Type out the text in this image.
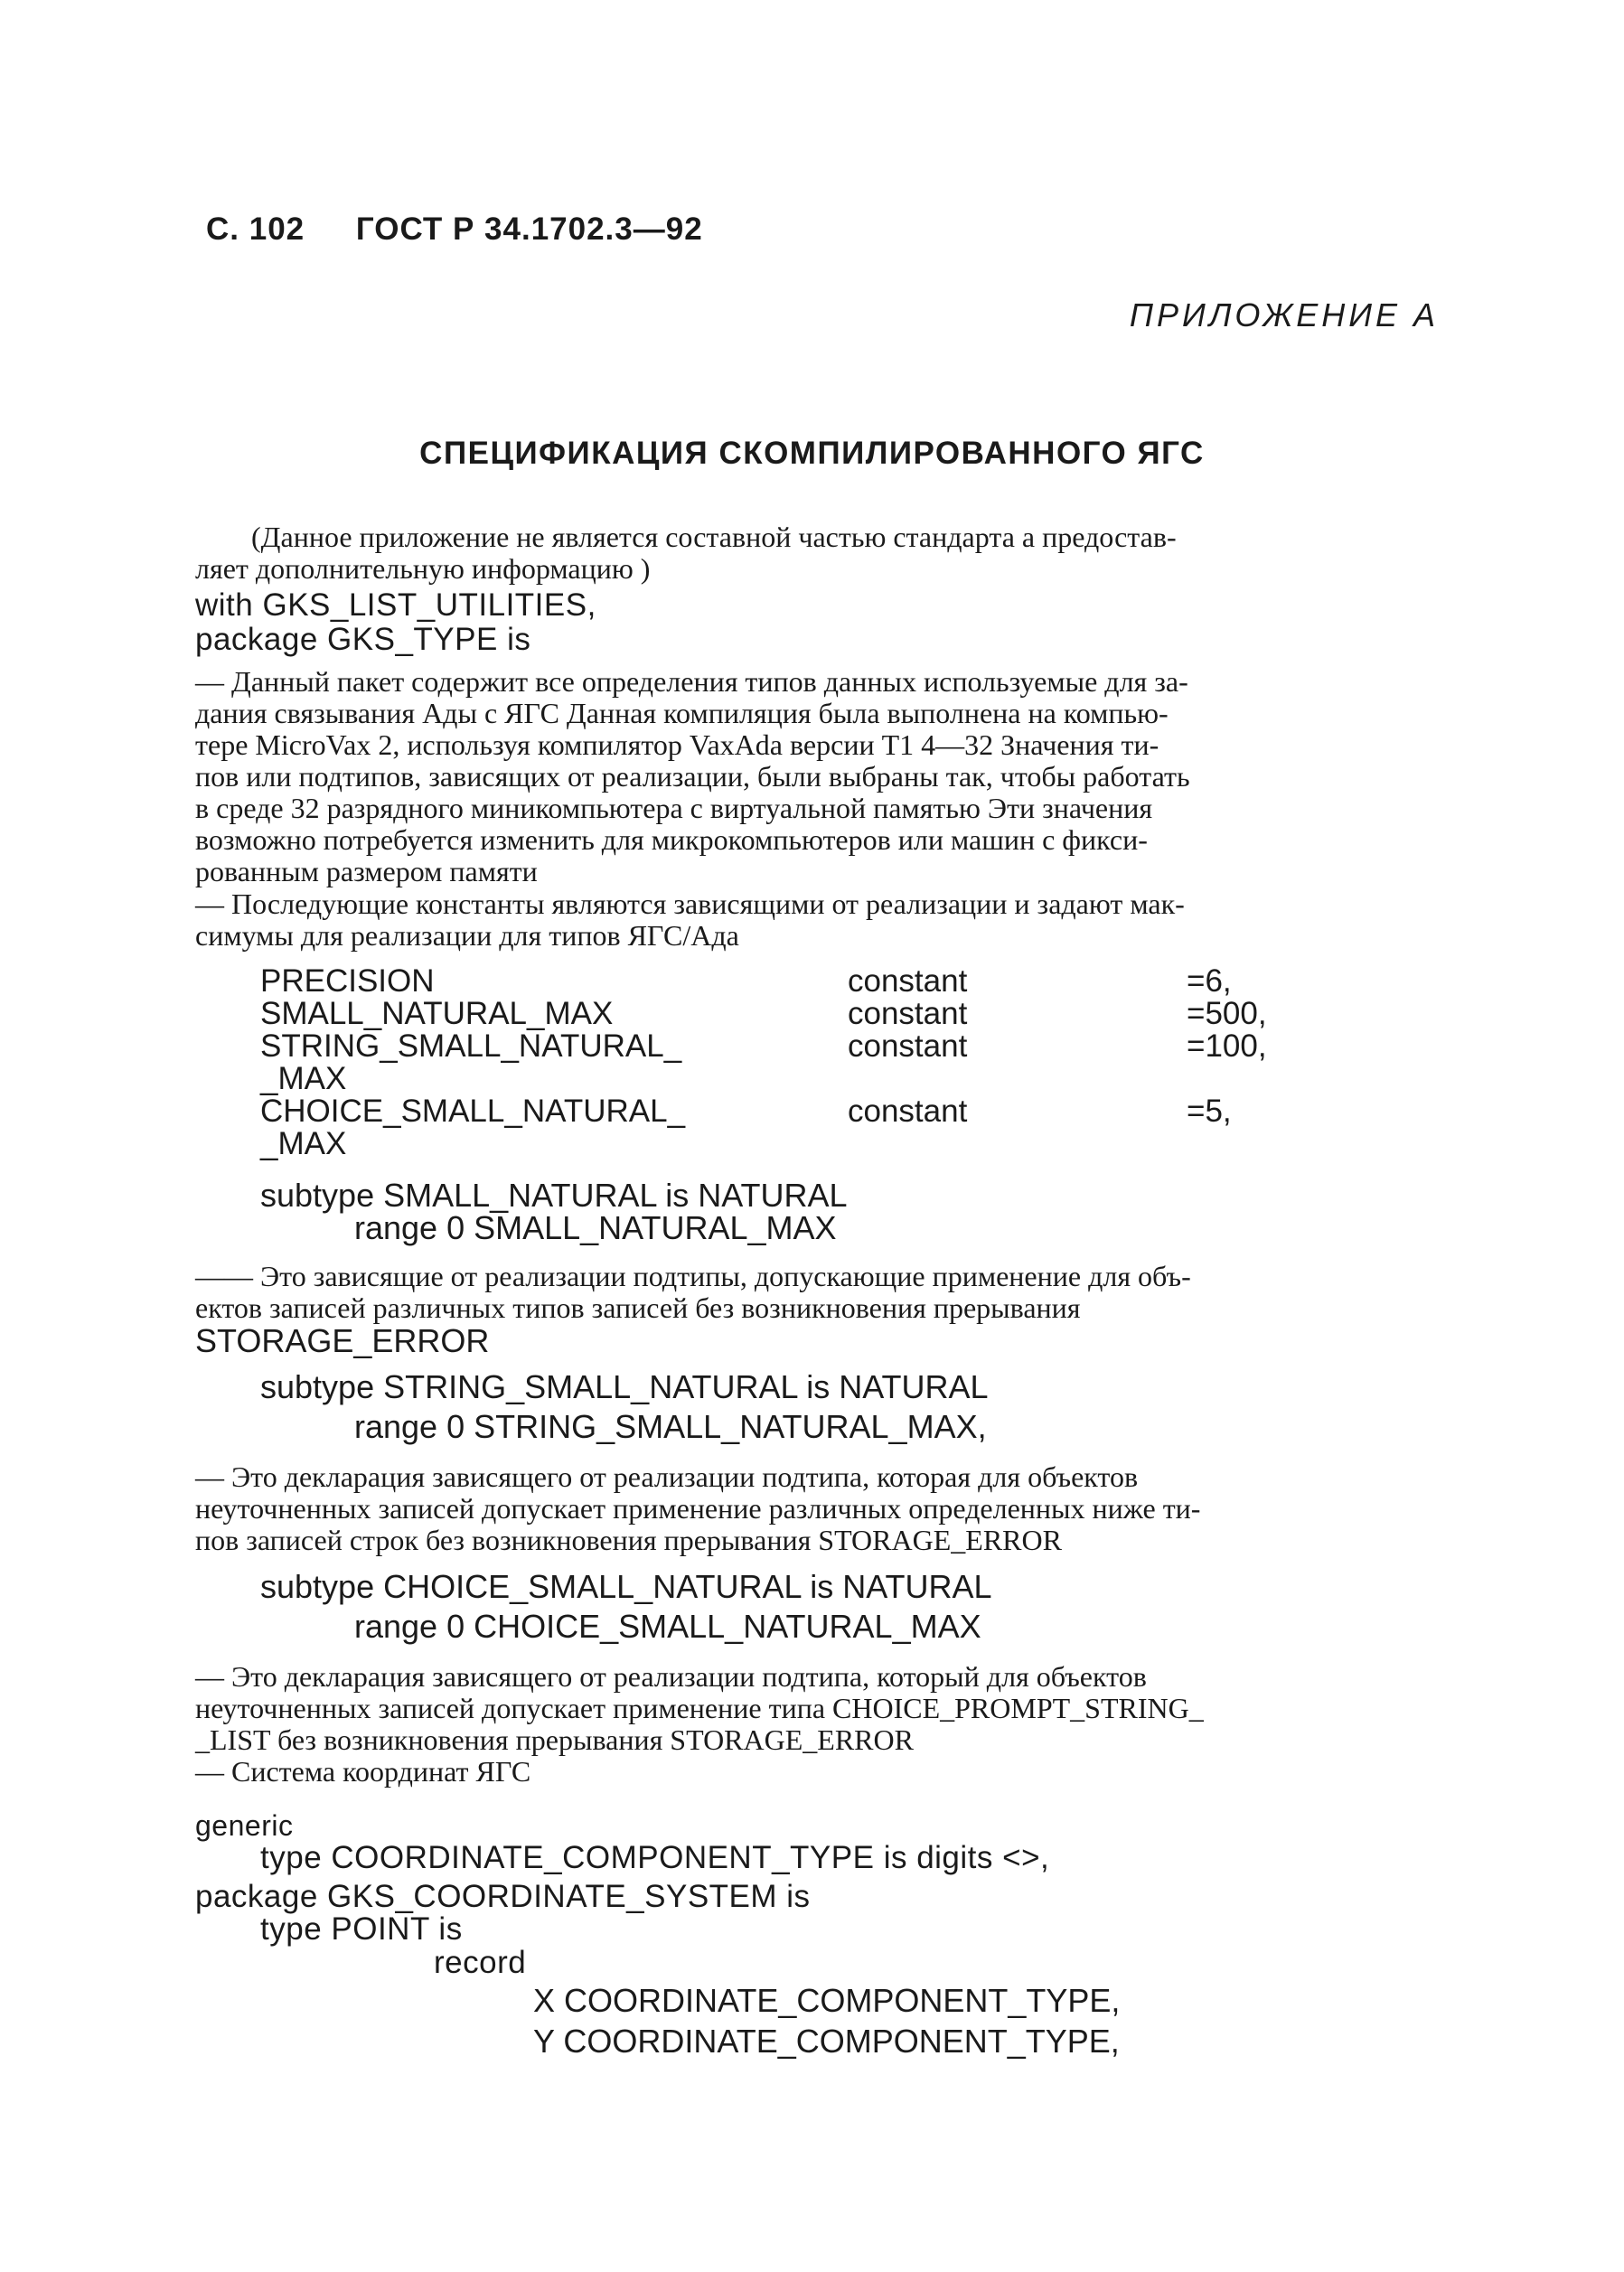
С. 102 ГОСТ Р 34.1702.3—92
ПРИЛОЖЕНИЕ А
СПЕЦИФИКАЦИЯ СКОМПИЛИРОВАННОГО ЯГС
(Данное приложение не является составной частью стандарта а предостав-
ляет дополнительную информацию )
with GKS_LIST_UTILITIES,
package GKS_TYPE is
— Данный пакет содержит все определения типов данных используемые для за-
дания связывания Ады с ЯГС Данная компиляция была выполнена на компью-
тере MicroVax 2, используя компилятор VaxAda версии T1 4—32 Значения ти-
пов или подтипов, зависящих от реализации, были выбраны так, чтобы работать
в среде 32 разрядного миникомпьютера с виртуальной памятью Эти значения
возможно потребуется изменить для микрокомпьютеров или машин с фикси-
рованным размером памяти
— Последующие константы являются зависящими от реализации и задают мак-
симумы для реализации для типов ЯГС/Ада
PRECISION	constant	=6,
SMALL_NATURAL_MAX	constant	=500,

STRING_SMALL_NATURAL_
_MAX	constant	=100,

CHOICE_SMALL_NATURAL_
_MAX	constant	=5,
subtype SMALL_NATURAL is NATURAL
range 0 SMALL_NATURAL_MAX
—— Это зависящие от реализации подтипы, допускающие применение для объ-
ектов записей различных типов записей без возникновения прерывания
STORAGE_ERROR
subtype STRING_SMALL_NATURAL is NATURAL
range 0 STRING_SMALL_NATURAL_MAX,
— Это декларация зависящего от реализации подтипа, которая для объектов
неуточненных записей допускает применение различных определенных ниже ти-
пов записей строк без возникновения прерывания STORAGE_ERROR
subtype CHOICE_SMALL_NATURAL is NATURAL
range 0 CHOICE_SMALL_NATURAL_MAX
— Это декларация зависящего от реализации подтипа, который для объектов
неуточненных записей допускает применение типа CHOICE_PROMPT_STRING_
_LIST без возникновения прерывания STORAGE_ERROR
— Система координат ЯГС
generic
type COORDINATE_COMPONENT_TYPE is digits <>,
package GKS_COORDINATE_SYSTEM is
type POINT is
record
X COORDINATE_COMPONENT_TYPE,
Y COORDINATE_COMPONENT_TYPE,
